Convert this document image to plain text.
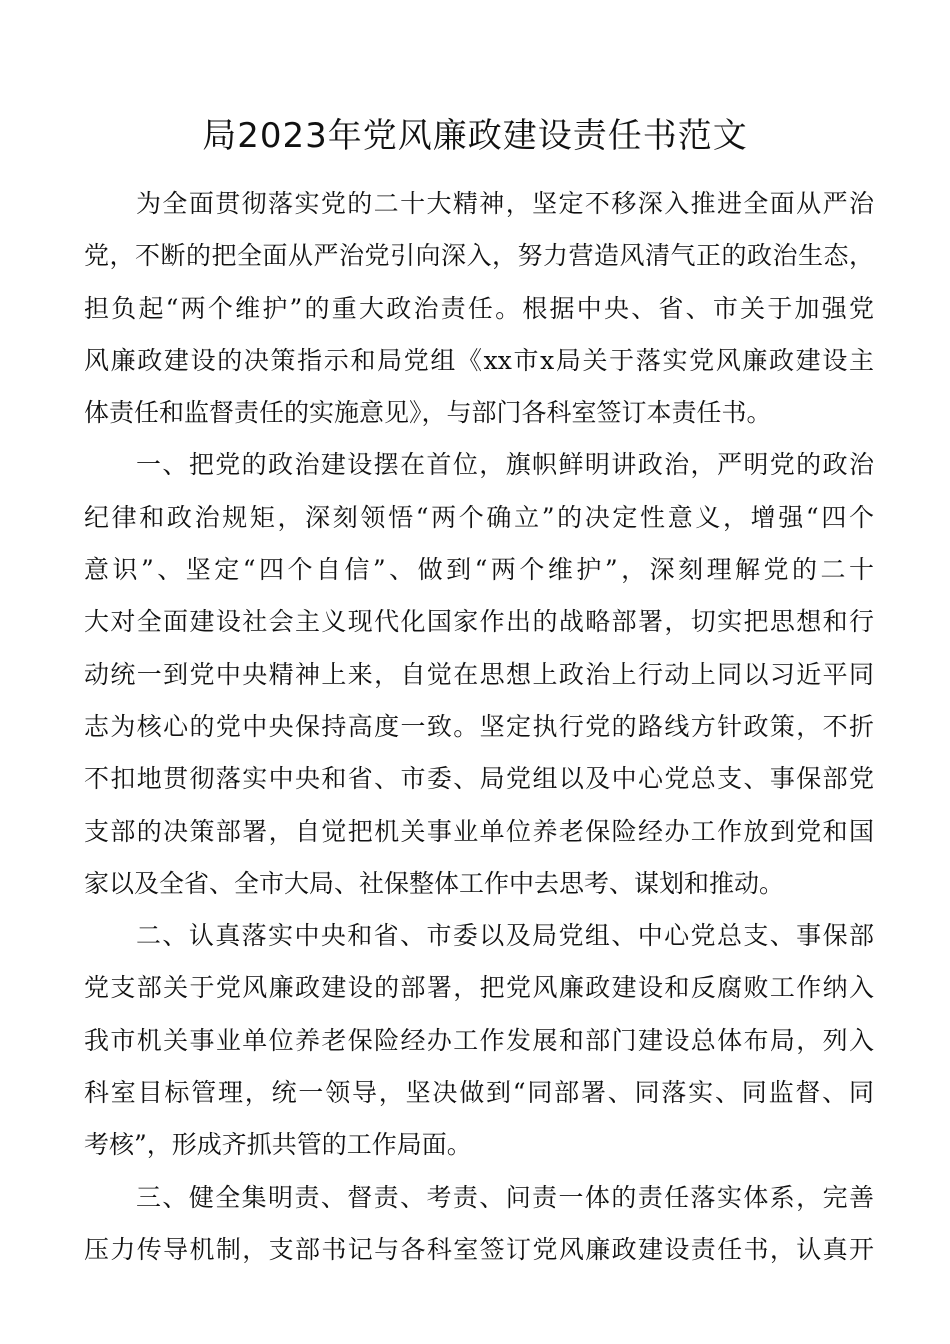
局2023年党风廉政建设责任书范文
为全面贯彻落实党的二十大精神，坚定不移深入推进全面从严治
党，不断的把全面从严治党引向深入，努力营造风清气正的政治生态，
担负起“两个维护”的重大政治责任。根据中央、省、市关于加强党
风廉政建设的决策指示和局党组《xx市x局关于落实党风廉政建设主
体责任和监督责任的实施意见》，与部门各科室签订本责任书。
一、把党的政治建设摆在首位，旗帜鲜明讲政治，严明党的政治
纪律和政治规矩，深刻领悟“两个确立”的决定性意义，增强“四个
意识”、坚定“四个自信”、做到“两个维护”，深刻理解党的二十
大对全面建设社会主义现代化国家作出的战略部署，切实把思想和行
动统一到党中央精神上来，自觉在思想上政治上行动上同以习近平同
志为核心的党中央保持高度一致。坚定执行党的路线方针政策，不折
不扣地贯彻落实中央和省、市委、局党组以及中心党总支、事保部党
支部的决策部署，自觉把机关事业单位养老保险经办工作放到党和国
家以及全省、全市大局、社保整体工作中去思考、谋划和推动。
二、认真落实中央和省、市委以及局党组、中心党总支、事保部
党支部关于党风廉政建设的部署，把党风廉政建设和反腐败工作纳入
我市机关事业单位养老保险经办工作发展和部门建设总体布局，列入
科室目标管理，统一领导，坚决做到“同部署、同落实、同监督、同
考核”，形成齐抓共管的工作局面。
三、健全集明责、督责、考责、问责一体的责任落实体系，完善
压力传导机制，支部书记与各科室签订党风廉政建设责任书，认真开
